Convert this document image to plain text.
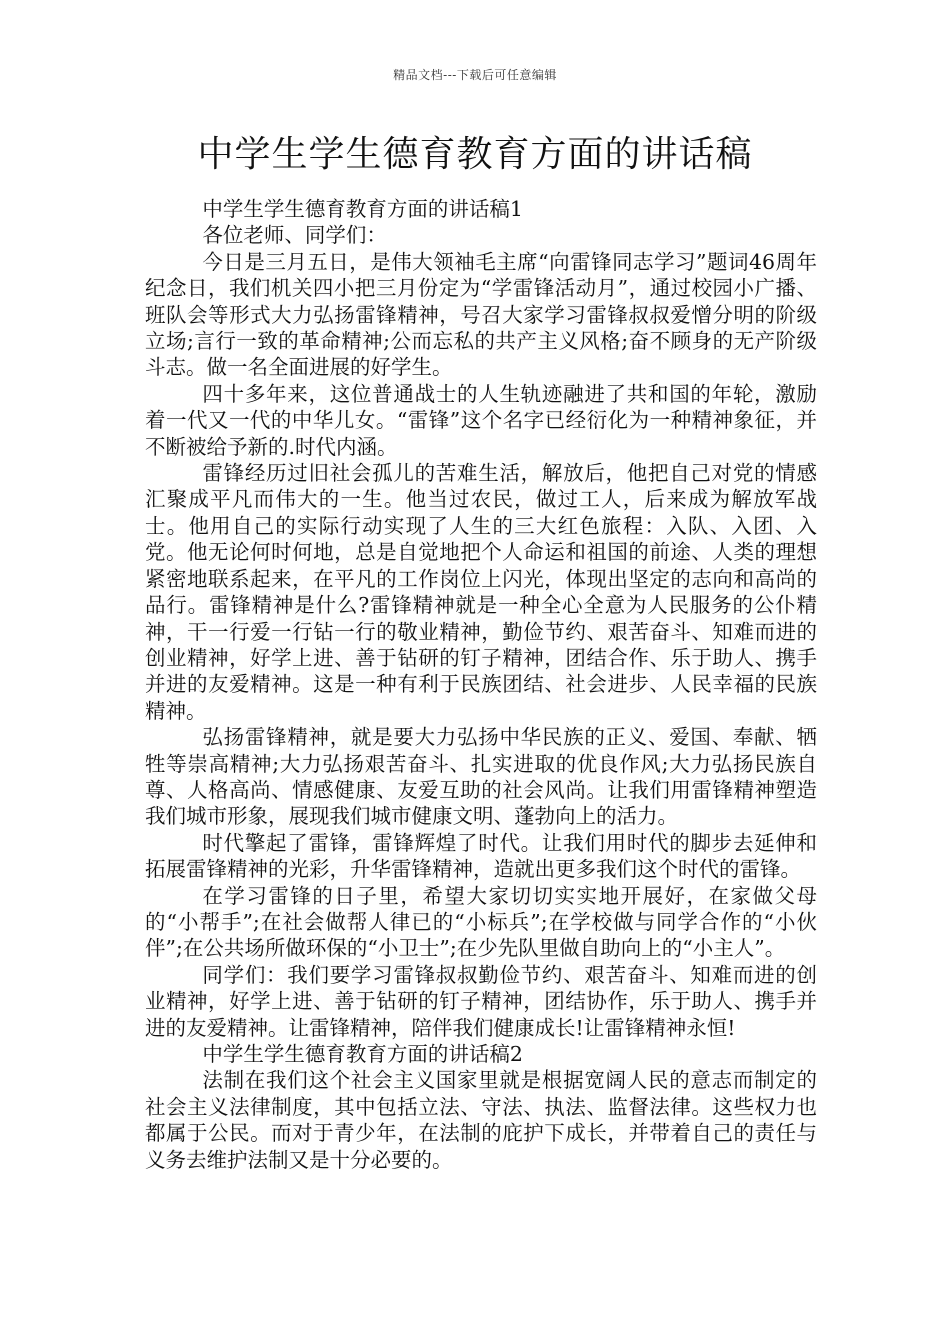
精品文档---下载后可任意编辑
中学生学生德育教育方面的讲话稿

中学生学生德育教育方面的讲话稿1

各位老师、同学们：

今日是三月五日，是伟大领袖毛主席“向雷锋同志学习”题词46周年纪念日，我们机关四小把三月份定为“学雷锋活动月”，通过校园小广播、班队会等形式大力弘扬雷锋精神，号召大家学习雷锋叔叔爱憎分明的阶级立场;言行一致的革命精神;公而忘私的共产主义风格;奋不顾身的无产阶级斗志。做一名全面进展的好学生。

四十多年来，这位普通战士的人生轨迹融进了共和国的年轮，激励着一代又一代的中华儿女。“雷锋”这个名字已经衍化为一种精神象征，并不断被给予新的.时代内涵。

雷锋经历过旧社会孤儿的苦难生活，解放后，他把自己对党的情感汇聚成平凡而伟大的一生。他当过农民，做过工人，后来成为解放军战士。他用自己的实际行动实现了人生的三大红色旅程：入队、入团、入党。他无论何时何地，总是自觉地把个人命运和祖国的前途、人类的理想紧密地联系起来，在平凡的工作岗位上闪光，体现出坚定的志向和高尚的品行。雷锋精神是什么?雷锋精神就是一种全心全意为人民服务的公仆精神，干一行爱一行钻一行的敬业精神，勤俭节约、艰苦奋斗、知难而进的创业精神，好学上进、善于钻研的钉子精神，团结合作、乐于助人、携手并进的友爱精神。这是一种有利于民族团结、社会进步、人民幸福的民族精神。

弘扬雷锋精神，就是要大力弘扬中华民族的正义、爱国、奉献、牺牲等崇高精神;大力弘扬艰苦奋斗、扎实进取的优良作风;大力弘扬民族自尊、人格高尚、情感健康、友爱互助的社会风尚。让我们用雷锋精神塑造我们城市形象，展现我们城市健康文明、蓬勃向上的活力。

时代擎起了雷锋，雷锋辉煌了时代。让我们用时代的脚步去延伸和拓展雷锋精神的光彩，升华雷锋精神，造就出更多我们这个时代的雷锋。

在学习雷锋的日子里，希望大家切切实实地开展好，在家做父母的“小帮手”;在社会做帮人律已的“小标兵”;在学校做与同学合作的“小伙伴”;在公共场所做环保的“小卫士”;在少先队里做自助向上的“小主人”。

同学们：我们要学习雷锋叔叔勤俭节约、艰苦奋斗、知难而进的创业精神，好学上进、善于钻研的钉子精神，团结协作，乐于助人、携手并进的友爱精神。让雷锋精神，陪伴我们健康成长!让雷锋精神永恒!

中学生学生德育教育方面的讲话稿2

法制在我们这个社会主义国家里就是根据宽阔人民的意志而制定的社会主义法律制度，其中包括立法、守法、执法、监督法律。这些权力也都属于公民。而对于青少年，在法制的庇护下成长，并带着自己的责任与义务去维护法制又是十分必要的。
